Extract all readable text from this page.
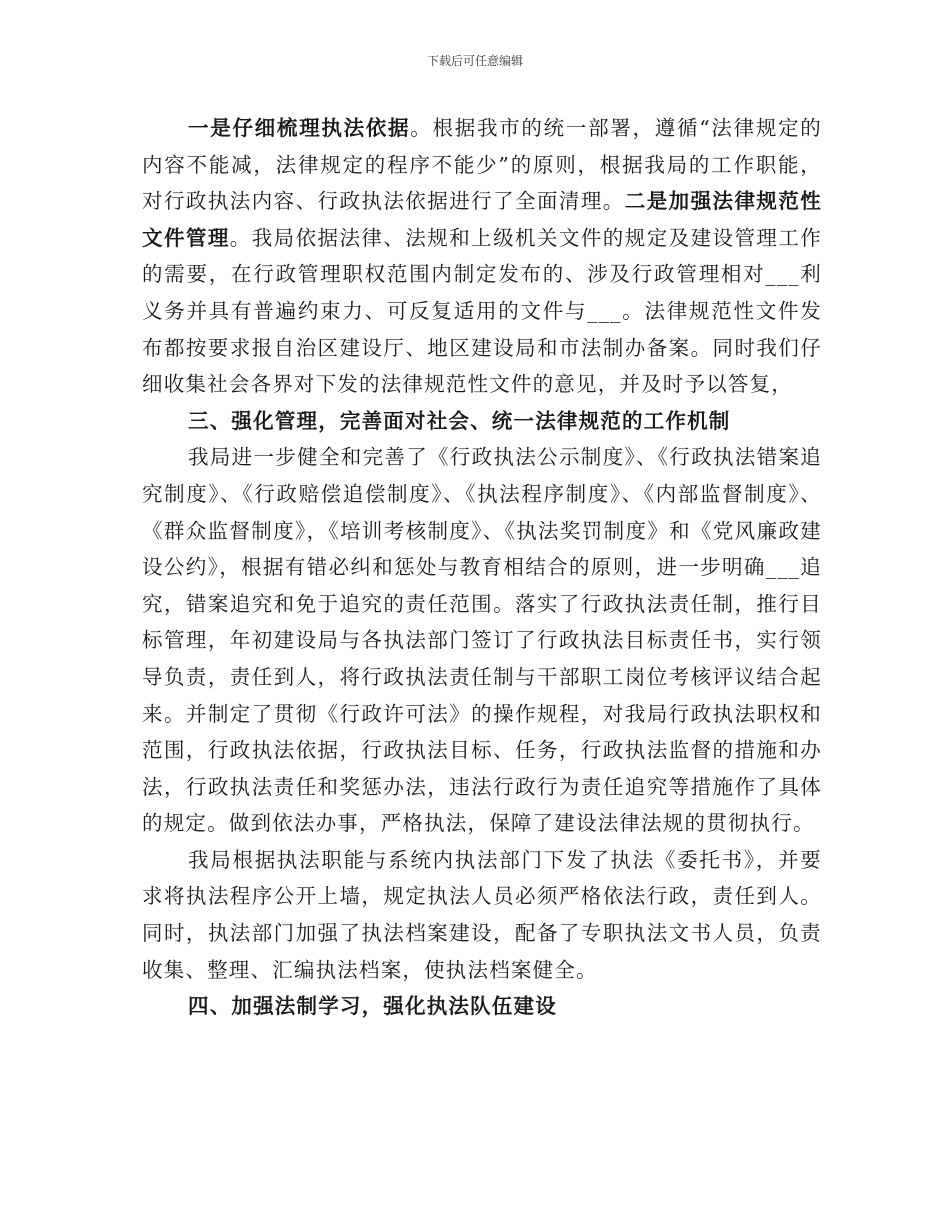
下载后可任意编辑

一是仔细梳理执法依据。根据我市的统一部署，遵循“法律规定的内容不能减，法律规定的程序不能少”的原则，根据我局的工作职能，对行政执法内容、行政执法依据进行了全面清理。二是加强法律规范性文件管理。我局依据法律、法规和上级机关文件的规定及建设管理工作的需要，在行政管理职权范围内制定发布的、涉及行政管理相对___利义务并具有普遍约束力、可反复适用的文件与___。法律规范性文件发布都按要求报自治区建设厅、地区建设局和市法制办备案。同时我们仔细收集社会各界对下发的法律规范性文件的意见，并及时予以答复，

三、强化管理，完善面对社会、统一法律规范的工作机制

我局进一步健全和完善了《行政执法公示制度》、《行政执法错案追究制度》、《行政赔偿追偿制度》、《执法程序制度》、《内部监督制度》、《群众监督制度》，《培训考核制度》、《执法奖罚制度》和《党风廉政建设公约》，根据有错必纠和惩处与教育相结合的原则，进一步明确___追究，错案追究和免于追究的责任范围。落实了行政执法责任制，推行目标管理，年初建设局与各执法部门签订了行政执法目标责任书，实行领导负责，责任到人，将行政执法责任制与干部职工岗位考核评议结合起来。并制定了贯彻《行政许可法》的操作规程，对我局行政执法职权和范围，行政执法依据，行政执法目标、任务，行政执法监督的措施和办法，行政执法责任和奖惩办法，违法行政行为责任追究等措施作了具体的规定。做到依法办事，严格执法，保障了建设法律法规的贯彻执行。

我局根据执法职能与系统内执法部门下发了执法《委托书》，并要求将执法程序公开上墙，规定执法人员必须严格依法行政，责任到人。同时，执法部门加强了执法档案建设，配备了专职执法文书人员，负责收集、整理、汇编执法档案，使执法档案健全。

四、加强法制学习，强化执法队伍建设
